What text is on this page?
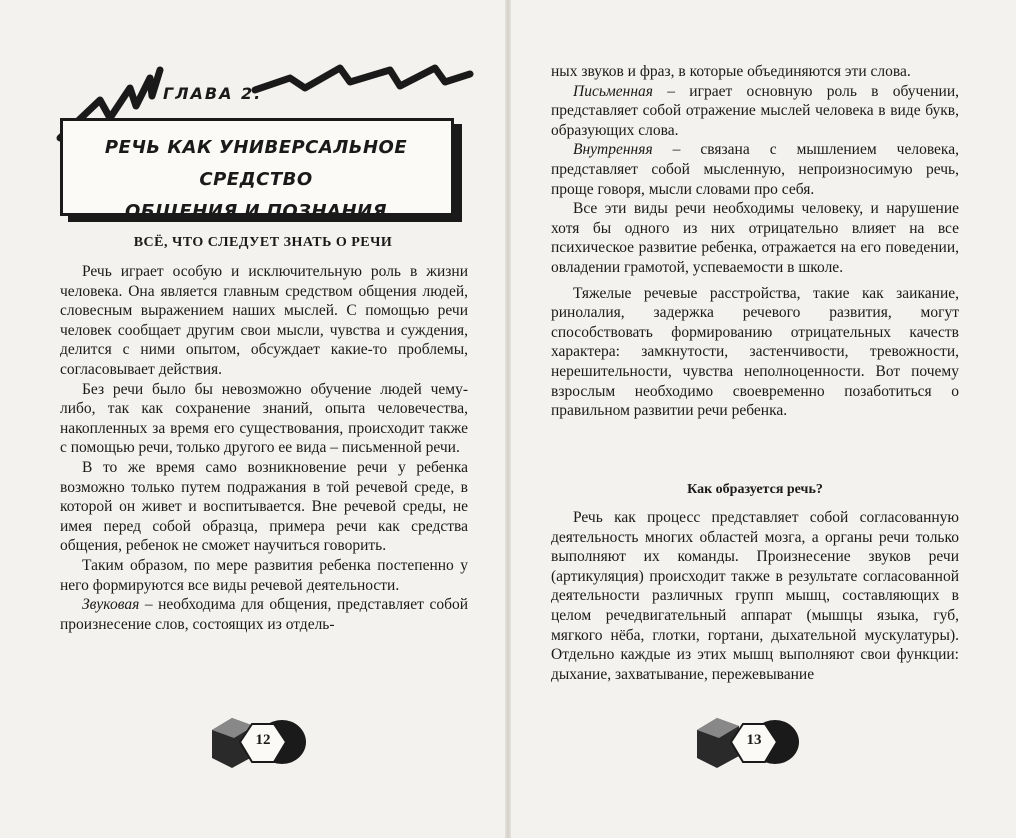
ГЛАВА 2.
РЕЧЬ КАК УНИВЕРСАЛЬНОЕ СРЕДСТВО
ОБЩЕНИЯ И ПОЗНАНИЯ
ВСЁ, ЧТО СЛЕДУЕТ ЗНАТЬ О РЕЧИ

Речь играет особую и исключительную роль в жизни человека. Она является главным средством общения людей, словесным выражением наших мыслей. С помощью речи человек сообщает другим свои мысли, чувства и суждения, делится с ними опытом, обсуждает какие-то проблемы, согласовывает действия.

Без речи было бы невозможно обучение людей чему-либо, так как сохранение знаний, опыта человечества, накопленных за время его существования, происходит также с помощью речи, только другого ее вида – письменной речи.

В то же время само возникновение речи у ребенка возможно только путем подражания в той речевой среде, в которой он живет и воспитывается. Вне речевой среды, не имея перед собой образца, примера речи как средства общения, ребенок не сможет научиться говорить.

Таким образом, по мере развития ребенка постепенно у него формируются все виды речевой деятельности.

Звуковая – необходима для общения, представляет собой произнесение слов, состоящих из отдель-

12

ных звуков и фраз, в которые объединяются эти слова.

Письменная – играет основную роль в обучении, представляет собой отражение мыслей человека в виде букв, образующих слова.

Внутренняя – связана с мышлением человека, представляет собой мысленную, непроизносимую речь, проще говоря, мысли словами про себя.

Все эти виды речи необходимы человеку, и нарушение хотя бы одного из них отрицательно влияет на все психическое развитие ребенка, отражается на его поведении, овладении грамотой, успеваемости в школе.

Тяжелые речевые расстройства, такие как заикание, ринолалия, задержка речевого развития, могут способствовать формированию отрицательных качеств характера: замкнутости, застенчивости, тревожности, нерешительности, чувства неполноценности. Вот почему взрослым необходимо своевременно позаботиться о правильном развитии речи ребенка.

Как образуется речь?

Речь как процесс представляет собой согласованную деятельность многих областей мозга, а органы речи только выполняют их команды. Произнесение звуков речи (артикуляция) происходит также в результате согласованной деятельности различных групп мышц, составляющих в целом речедвигательный аппарат (мышцы языка, губ, мягкого нёба, глотки, гортани, дыхательной мускулатуры). Отдельно каждые из этих мышц выполняют свои функции: дыхание, захватывание, пережевывание

13
